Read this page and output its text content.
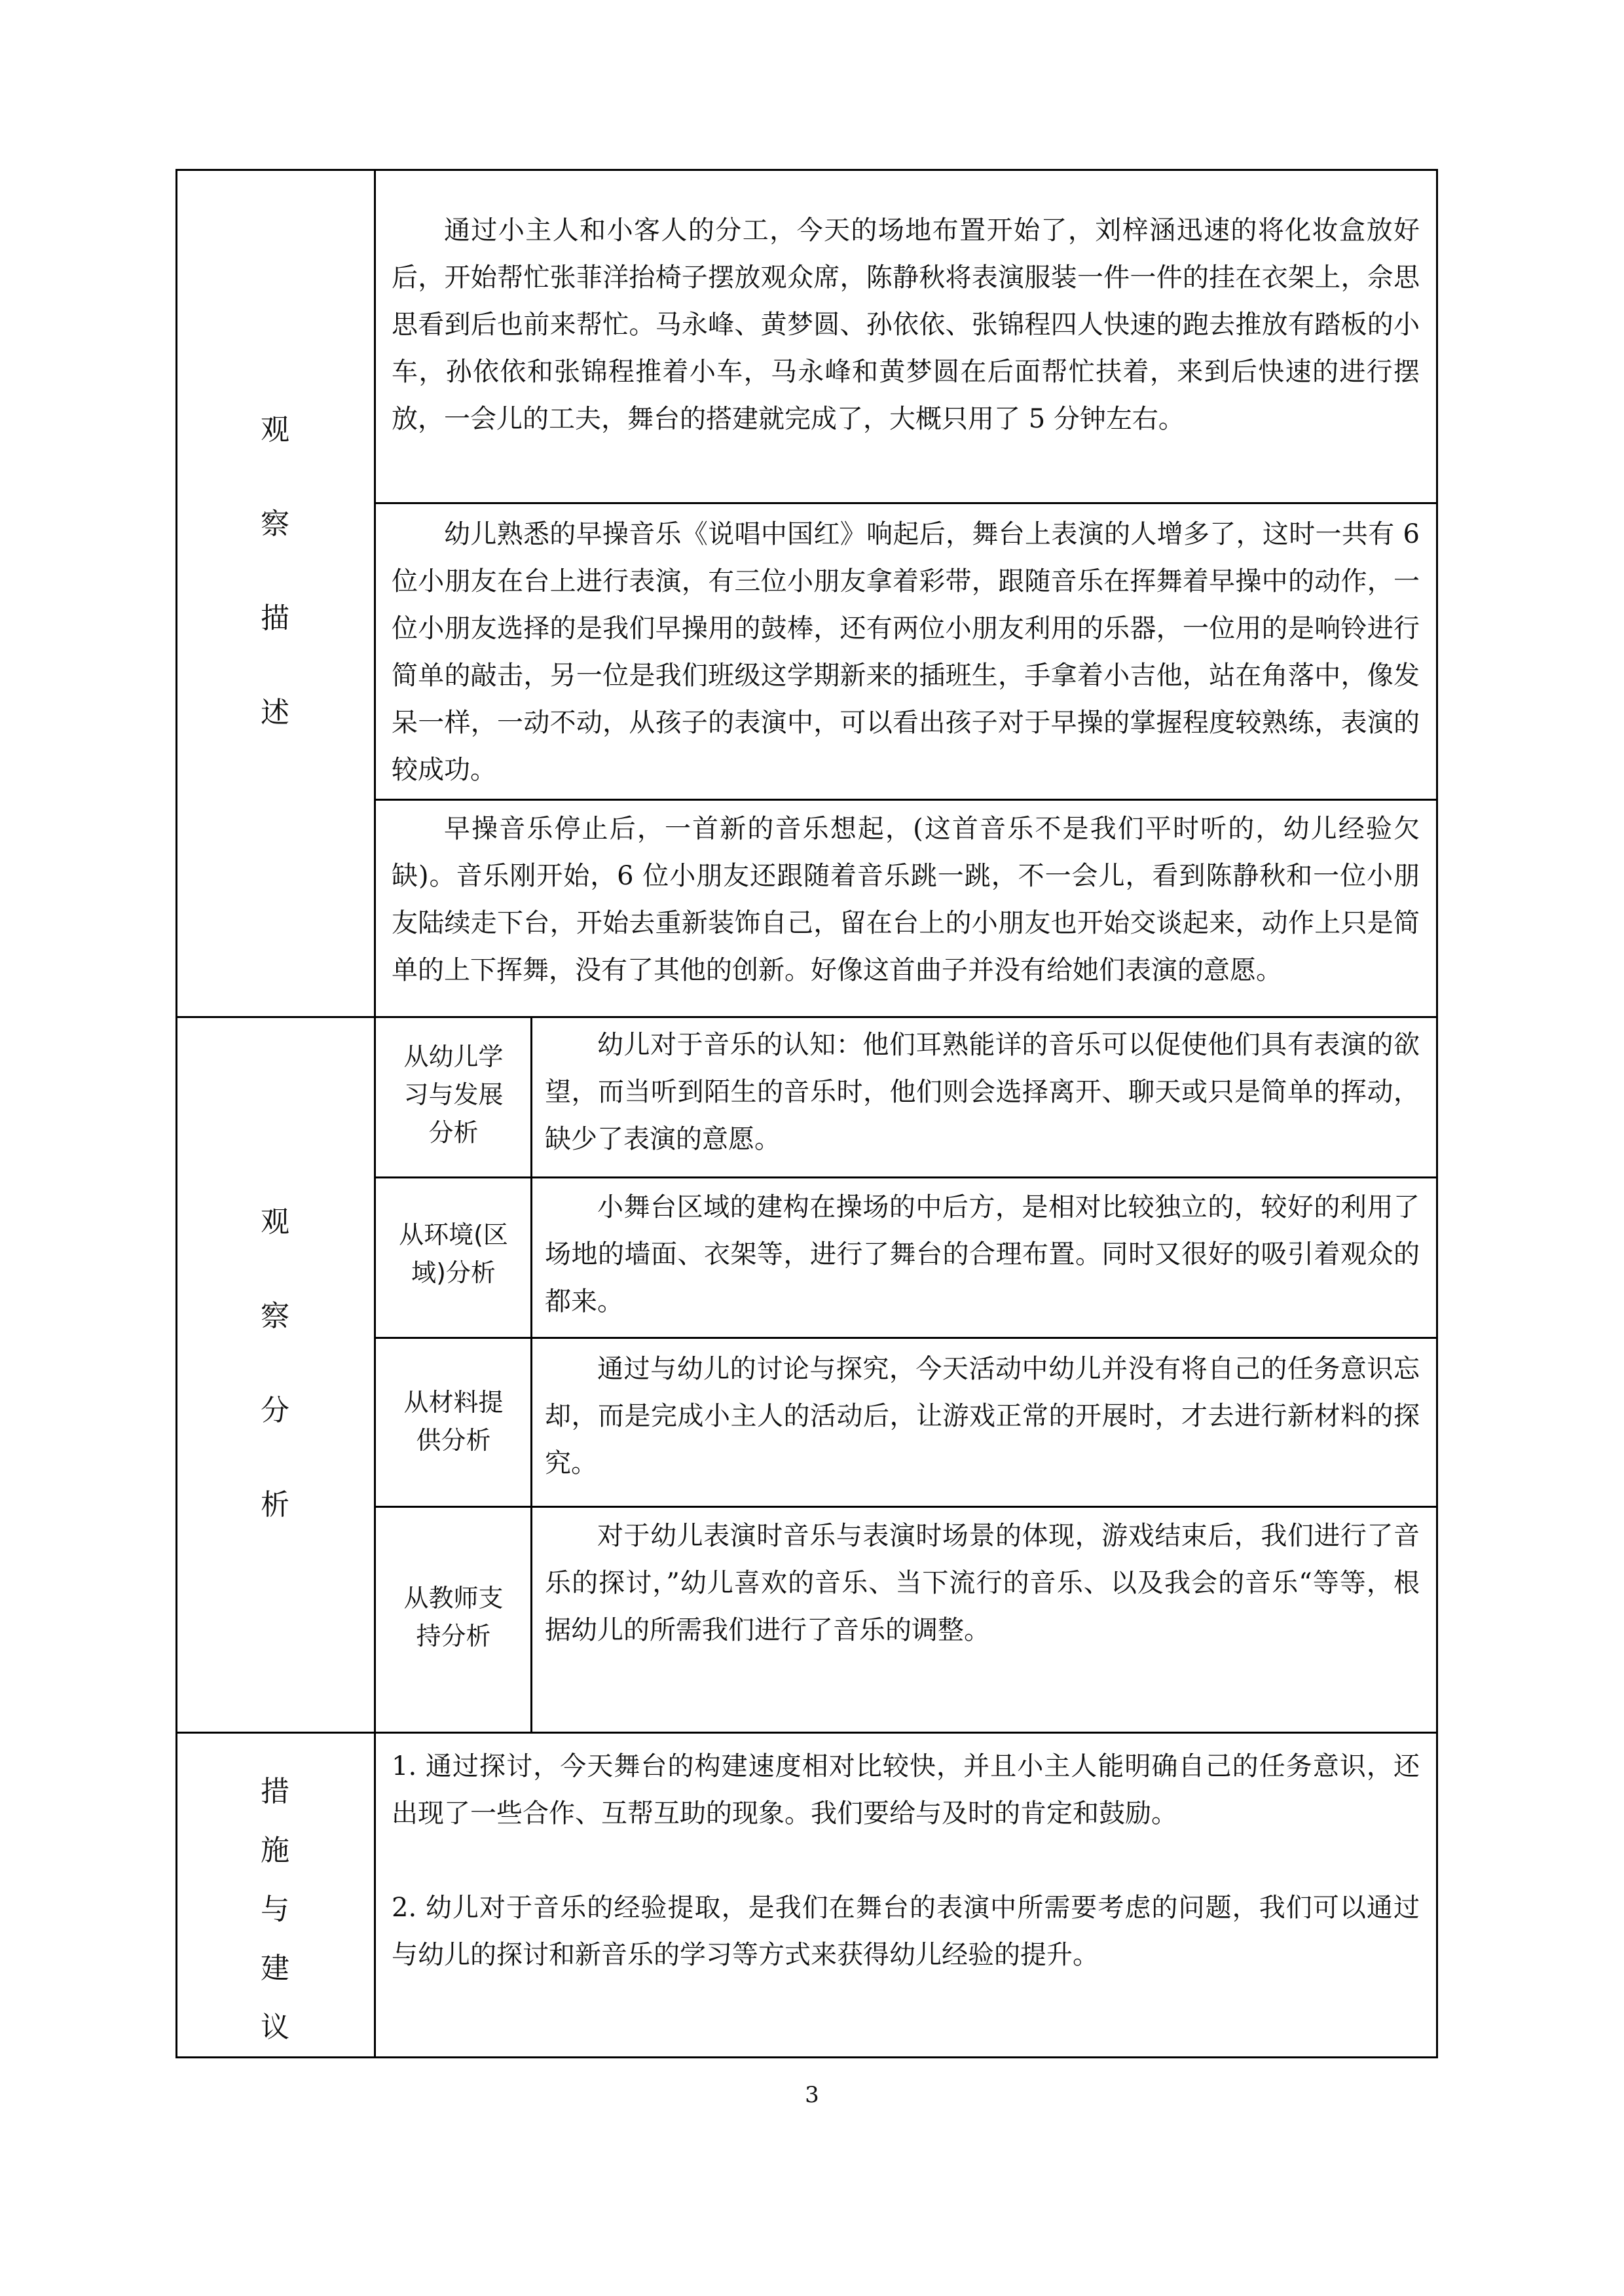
观
察
描
述

通过小主人和小客人的分工，今天的场地布置开始了，刘梓涵迅速的将化妆盒放好后，开始帮忙张菲洋抬椅子摆放观众席，陈静秋将表演服装一件一件的挂在衣架上，佘思思看到后也前来帮忙。马永峰、黄梦圆、孙依依、张锦程四人快速的跑去推放有踏板的小车，孙依依和张锦程推着小车，马永峰和黄梦圆在后面帮忙扶着，来到后快速的进行摆放，一会儿的工夫，舞台的搭建就完成了，大概只用了 5 分钟左右。

幼儿熟悉的早操音乐《说唱中国红》响起后，舞台上表演的人增多了，这时一共有 6 位小朋友在台上进行表演，有三位小朋友拿着彩带，跟随音乐在挥舞着早操中的动作，一位小朋友选择的是我们早操用的鼓棒，还有两位小朋友利用的乐器，一位用的是响铃进行简单的敲击，另一位是我们班级这学期新来的插班生，手拿着小吉他，站在角落中，像发呆一样，一动不动，从孩子的表演中，可以看出孩子对于早操的掌握程度较熟练，表演的较成功。

早操音乐停止后，一首新的音乐想起，(这首音乐不是我们平时听的，幼儿经验欠缺)。音乐刚开始，6 位小朋友还跟随着音乐跳一跳，不一会儿，看到陈静秋和一位小朋友陆续走下台，开始去重新装饰自己，留在台上的小朋友也开始交谈起来，动作上只是简单的上下挥舞，没有了其他的创新。好像这首曲子并没有给她们表演的意愿。

观
察
分
析
从幼儿学习与发展分析

幼儿对于音乐的认知：他们耳熟能详的音乐可以促使他们具有表演的欲望，而当听到陌生的音乐时，他们则会选择离开、聊天或只是简单的挥动，缺少了表演的意愿。

从环境(区域)分析

小舞台区域的建构在操场的中后方，是相对比较独立的，较好的利用了场地的墙面、衣架等，进行了舞台的合理布置。同时又很好的吸引着观众的都来。

从材料提供分析

通过与幼儿的讨论与探究，今天活动中幼儿并没有将自己的任务意识忘却，而是完成小主人的活动后，让游戏正常的开展时，才去进行新材料的探究。

从教师支持分析

对于幼儿表演时音乐与表演时场景的体现，游戏结束后，我们进行了音乐的探讨，”幼儿喜欢的音乐、当下流行的音乐、以及我会的音乐“等等，根据幼儿的所需我们进行了音乐的调整。

措
施
与
建
议

1. 通过探讨，今天舞台的构建速度相对比较快，并且小主人能明确自己的任务意识，还出现了一些合作、互帮互助的现象。我们要给与及时的肯定和鼓励。

2. 幼儿对于音乐的经验提取，是我们在舞台的表演中所需要考虑的问题，我们可以通过与幼儿的探讨和新音乐的学习等方式来获得幼儿经验的提升。

3
